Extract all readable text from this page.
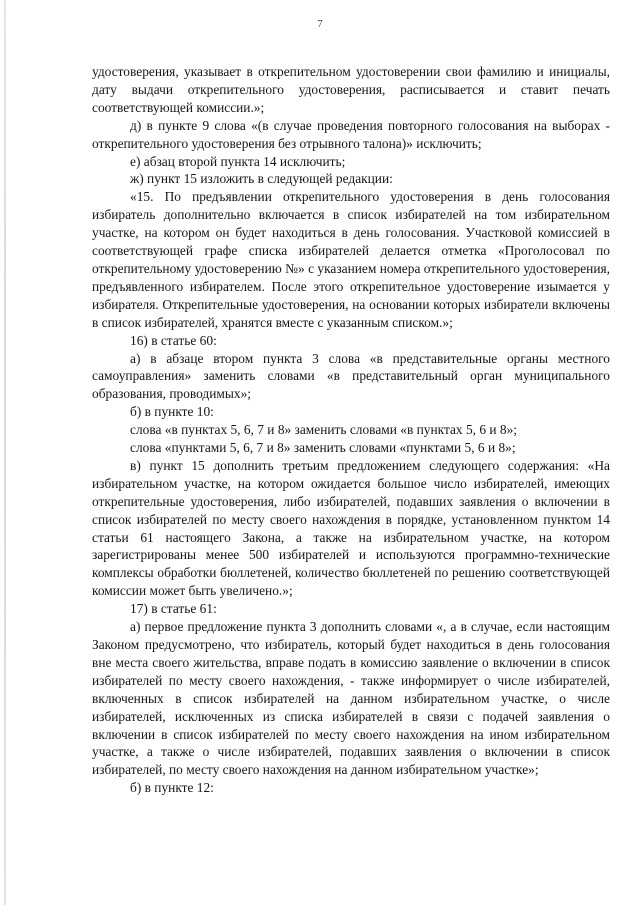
7

удостоверения, указывает в открепительном удостоверении свои фамилию и инициалы, дату выдачи открепительного удостоверения, расписывается и ставит печать соответствующей комиссии.»;

д) в пункте 9 слова «(в случае проведения повторного голосования на выборах - открепительного удостоверения без отрывного талона)» исключить;

е) абзац второй пункта 14 исключить;

ж) пункт 15 изложить в следующей редакции:

«15. По предъявлении открепительного удостоверения в день голосования избиратель дополнительно включается в список избирателей на том избирательном участке, на котором он будет находиться в день голосования. Участковой комиссией в соответствующей графе списка избирателей делается отметка «Проголосовал по открепительному удостоверению №» с указанием номера открепительного удостоверения, предъявленного избирателем. После этого открепительное удостоверение изымается у избирателя. Открепительные удостоверения, на основании которых избиратели включены в список избирателей, хранятся вместе с указанным списком.»;

16) в статье 60:

а) в абзаце втором пункта 3 слова «в представительные органы местного самоуправления» заменить словами «в представительный орган муниципального образования, проводимых»;

б) в пункте 10:

слова «в пунктах 5, 6, 7 и 8» заменить словами «в пунктах 5, 6 и 8»;

слова «пунктами 5, 6, 7 и 8» заменить словами «пунктами 5, 6 и 8»;

в) пункт 15 дополнить третьим предложением следующего содержания: «На избирательном участке, на котором ожидается большое число избирателей, имеющих открепительные удостоверения, либо избирателей, подавших заявления о включении в список избирателей по месту своего нахождения в порядке, установленном пунктом 14 статьи 61 настоящего Закона, а также на избирательном участке, на котором зарегистрированы менее 500 избирателей и используются программно-технические комплексы обработки бюллетеней, количество бюллетеней по решению соответствующей комиссии может быть увеличено.»;

17) в статье 61:

а) первое предложение пункта 3 дополнить словами «, а в случае, если настоящим Законом предусмотрено, что избиратель, который будет находиться в день голосования вне места своего жительства, вправе подать в комиссию заявление о включении в список избирателей по месту своего нахождения, - также информирует о числе избирателей, включенных в список избирателей на данном избирательном участке, о числе избирателей, исключенных из списка избирателей в связи с подачей заявления о включении в список избирателей по месту своего нахождения на ином избирательном участке, а также о числе избирателей, подавших заявления о включении в список избирателей, по месту своего нахождения на данном избирательном участке»;

б) в пункте 12:
